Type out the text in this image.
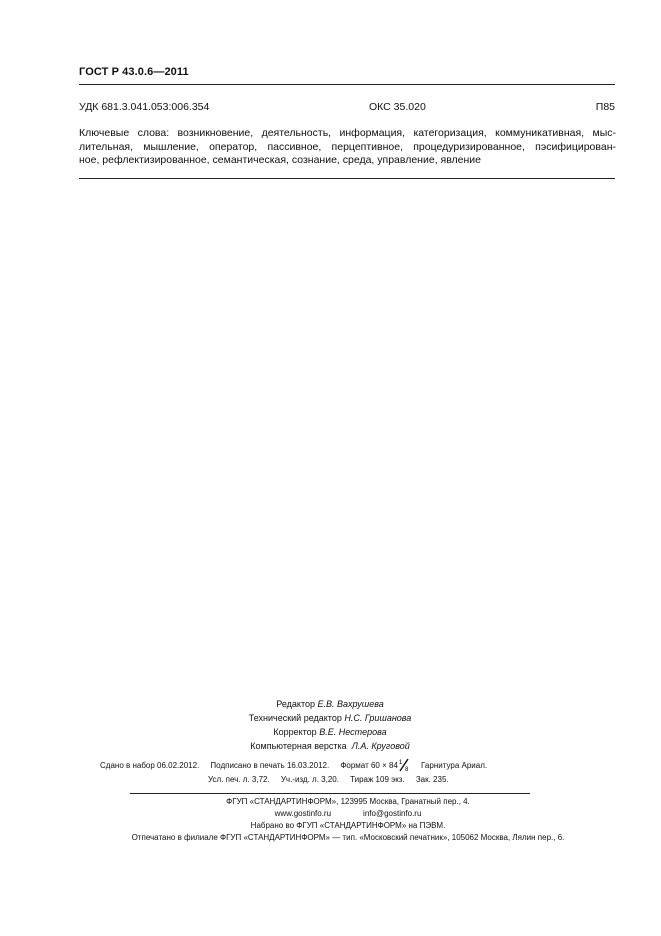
ГОСТ Р 43.0.6—2011
УДК 681.3.041.053:006.354	ОКС 35.020	П85
Ключевые слова: возникновение, деятельность, информация, категоризация, коммуникативная, мыс-
лительная, мышление, оператор, пассивное, перцептивное, процедуризированное, пэсифицирован-
ное, рефлектизированное, семантическая, сознание, среда, управление, явление
Редактор Е.В. Вахрушева
Технический редактор Н.С. Гришанова
Корректор В.Е. Нестерова
Компьютерная верстка Л.А. Круговой
Сдано в набор 06.02.2012. Подписано в печать 16.03.2012. Формат 60 × 84 1
8 Гарнитура Ариал.
Усл. печ. л. 3,72. Уч.-изд. л. 3,20. Тираж 109 экз. Зак. 235.
ФГУП «СТАНДАРТИНФОРМ», 123995 Москва, Гранатный пер., 4.
www.gostinfo.ru	info@gostinfo.ru
Набрано во ФГУП «СТАНДАРТИНФОРМ» на ПЭВМ.
Отпечатано в филиале ФГУП «СТАНДАРТИНФОРМ» — тип. «Московский печатник», 105062 Москва, Лялин пер., 6.
